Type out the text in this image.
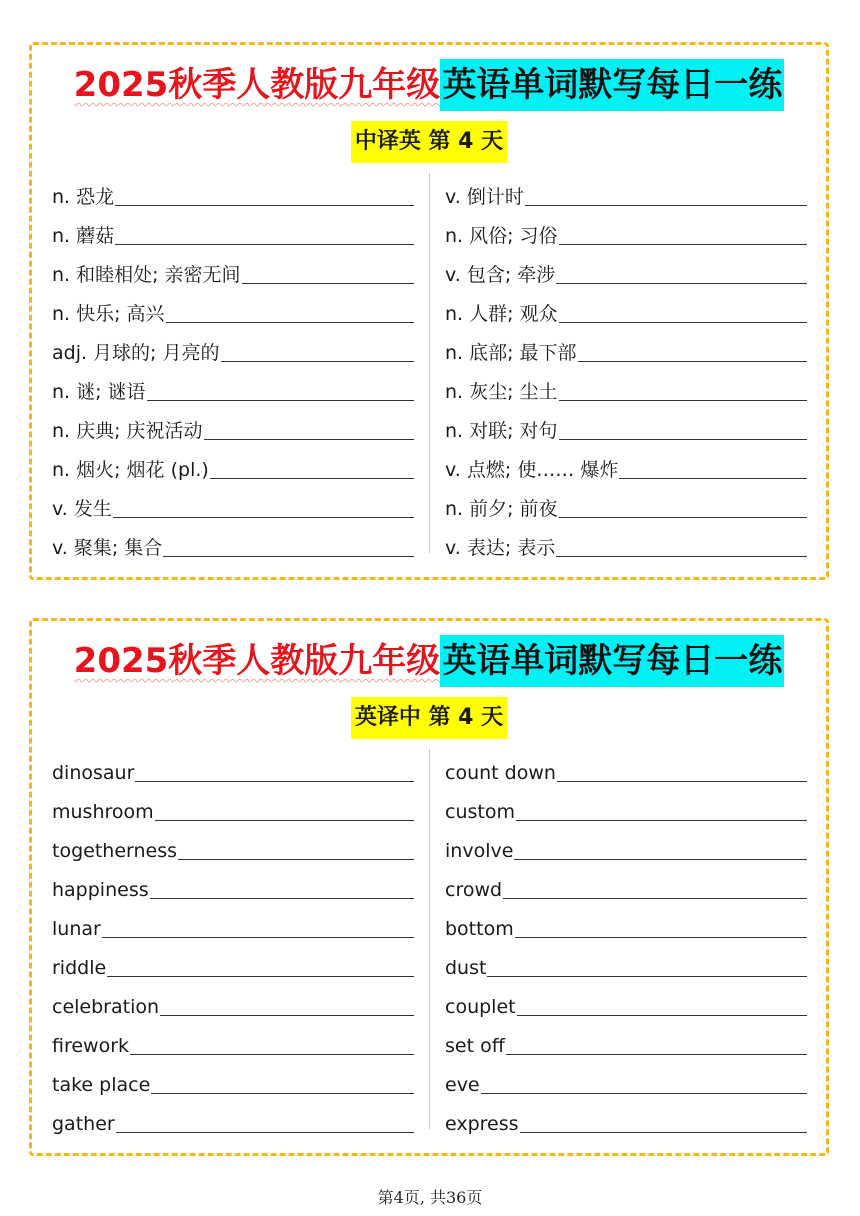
2025秋季人教版九年级英语单词默写每日一练
中译英 第 4 天
n. 恐龙
n. 蘑菇
n. 和睦相处; 亲密无间
n. 快乐; 高兴
adj. 月球的; 月亮的
n. 谜; 谜语
n. 庆典; 庆祝活动
n. 烟火; 烟花 (pl.)
v. 发生
v. 聚集; 集合
v. 倒计时
n. 风俗; 习俗
v. 包含; 牵涉
n. 人群; 观众
n. 底部; 最下部
n. 灰尘; 尘土
n. 对联; 对句
v. 点燃; 使…… 爆炸
n. 前夕; 前夜
v. 表达; 表示
2025秋季人教版九年级英语单词默写每日一练
英译中 第 4 天
dinosaur
mushroom
togetherness
happiness
lunar
riddle
celebration
firework
take place
gather
count down
custom
involve
crowd
bottom
dust
couplet
set off
eve
express
第4页, 共36页
